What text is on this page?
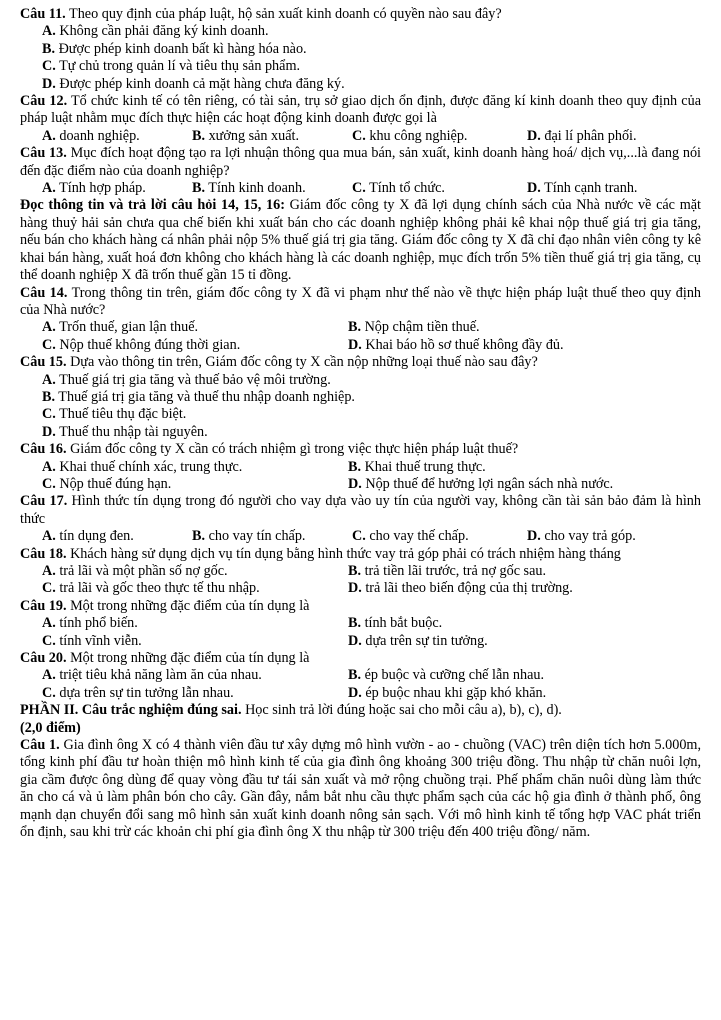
Câu 11. Theo quy định của pháp luật, hộ sản xuất kinh doanh có quyền nào sau đây?
A. Không cần phải đăng ký kinh doanh.
B. Được phép kinh doanh bất kì hàng hóa nào.
C. Tự chủ trong quản lí và tiêu thụ sản phẩm.
D. Được phép kinh doanh cả mặt hàng chưa đăng ký.
Câu 12. Tổ chức kinh tế có tên riêng, có tài sản, trụ sở giao dịch ổn định, được đăng kí kinh doanh theo quy định của pháp luật nhằm mục đích thực hiện các hoạt động kinh doanh được gọi là
A. doanh nghiệp.	B. xưởng sản xuất.	C. khu công nghiệp.	D. đại lí phân phối.
Câu 13. Mục đích hoạt động tạo ra lợi nhuận thông qua mua bán, sản xuất, kinh doanh hàng hoá/ dịch vụ,...là đang nói đến đặc điểm nào của doanh nghiệp?
A. Tính hợp pháp.	B. Tính kinh doanh.	C. Tính tổ chức.	D. Tính cạnh tranh.
Đọc thông tin và trả lời câu hỏi 14, 15, 16: Giám đốc công ty X đã lợi dụng chính sách của Nhà nước về các mặt hàng thuỷ hải sản chưa qua chế biến khi xuất bán cho các doanh nghiệp không phải kê khai nộp thuế giá trị gia tăng, nếu bán cho khách hàng cá nhân phải nộp 5% thuế giá trị gia tăng. Giám đốc công ty X đã chỉ đạo nhân viên công ty kê khai bán hàng, xuất hoá đơn không cho khách hàng là các doanh nghiệp, mục đích trốn 5% tiền thuế giá trị gia tăng, cụ thể doanh nghiệp X đã trốn thuế gần 15 tỉ đồng.
Câu 14. Trong thông tin trên, giám đốc công ty X đã vi phạm như thế nào về thực hiện pháp luật thuế theo quy định của Nhà nước?
A. Trốn thuế, gian lận thuế.	B. Nộp chậm tiền thuế.
C. Nộp thuế không đúng thời gian.	D. Khai báo hồ sơ thuế không đầy đủ.
Câu 15. Dựa vào thông tin trên, Giám đốc công ty X cần nộp những loại thuế nào sau đây?
A. Thuế giá trị gia tăng và thuế bảo vệ môi trường.
B. Thuế giá trị gia tăng và thuế thu nhập doanh nghiệp.
C. Thuế tiêu thụ đặc biệt.
D. Thuế thu nhập tài nguyên.
Câu 16. Giám đốc công ty X cần có trách nhiệm gì trong việc thực hiện pháp luật thuế?
A. Khai thuế chính xác, trung thực.	B. Khai thuế trung thực.
C. Nộp thuế đúng hạn.	D. Nộp thuế để hưởng lợi ngân sách nhà nước.
Câu 17. Hình thức tín dụng trong đó người cho vay dựa vào uy tín của người vay, không cần tài sản bảo đảm là hình thức
A. tín dụng đen.	B. cho vay tín chấp.	C. cho vay thế chấp.	D. cho vay trả góp.
Câu 18. Khách hàng sử dụng dịch vụ tín dụng bằng hình thức vay trả góp phải có trách nhiệm hàng tháng
A. trả lãi và một phần số nợ gốc.	B. trả tiền lãi trước, trả nợ gốc sau.
C. trả lãi và gốc theo thực tế thu nhập.	D. trả lãi theo biến động của thị trường.
Câu 19. Một trong những đặc điểm của tín dụng là
A. tính phổ biến.	B. tính bắt buộc.
C. tính vĩnh viễn.	D. dựa trên sự tin tưởng.
Câu 20. Một trong những đặc điểm của tín dụng là
A. triệt tiêu khả năng làm ăn của nhau.	B. ép buộc và cưỡng chế lẫn nhau.
C. dựa trên sự tin tưởng lẫn nhau.	D. ép buộc nhau khi gặp khó khăn.
PHẦN II. Câu trắc nghiệm đúng sai. Học sinh trả lời đúng hoặc sai cho mỗi câu a), b), c), d).
(2,0 điểm)
Câu 1. Gia đình ông X có 4 thành viên đầu tư xây dựng mô hình vườn - ao - chuồng (VAC) trên diện tích hơn 5.000m, tổng kinh phí đầu tư hoàn thiện mô hình kinh tế của gia đình ông khoảng 300 triệu đồng. Thu nhập từ chăn nuôi lợn, gia cầm được ông dùng để quay vòng đầu tư tái sản xuất và mở rộng chuồng trại. Phế phẩm chăn nuôi dùng làm thức ăn cho cá và ủ làm phân bón cho cây. Gần đây, nắm bắt nhu cầu thực phẩm sạch của các hộ gia đình ở thành phố, ông mạnh dạn chuyển đổi sang mô hình sản xuất kinh doanh nông sản sạch. Với mô hình kinh tế tổng hợp VAC phát triển ổn định, sau khi trừ các khoản chi phí gia đình ông X thu nhập từ 300 triệu đến 400 triệu đồng/ năm.
